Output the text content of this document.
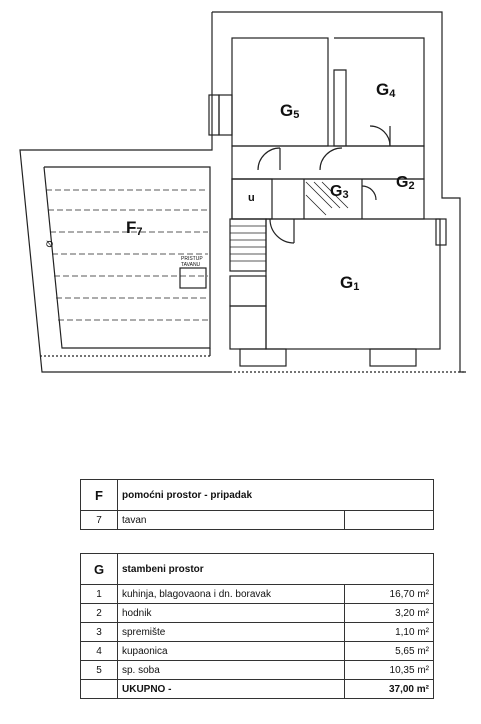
G5
G4
G2
G3
G1
F7
u
Ø
PRISTUP
TAVANU
F	pomoćni prostor - pripadak	
7	tavan	
G	stambeni prostor	
1	kuhinja, blagovaona i dn. boravak	16,70 m²
2	hodnik	3,20 m²
3	spremište	1,10 m²
4	kupaonica	5,65 m²
5	sp. soba	10,35 m²
	UKUPNO -	37,00 m²
